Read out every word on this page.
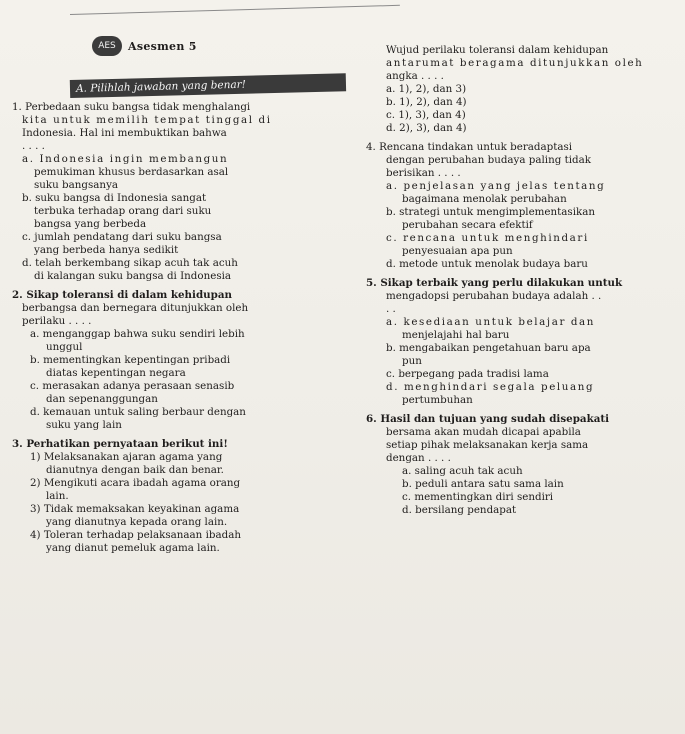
AES	Asesmen 5
A. Pilihlah jawaban yang benar!

1. Perbedaan suku bangsa tidak menghalangi

kita untuk memilih tempat tinggal di

Indonesia. Hal ini membuktikan bahwa

. . . .

a. Indonesia ingin membangun

pemukiman khusus berdasarkan asal

suku bangsanya

b. suku bangsa di Indonesia sangat

terbuka terhadap orang dari suku

bangsa yang berbeda

c. jumlah pendatang dari suku bangsa

yang berbeda hanya sedikit

d. telah berkembang sikap acuh tak acuh

di kalangan suku bangsa di Indonesia

2. Sikap toleransi di dalam kehidupan

berbangsa dan bernegara ditunjukkan oleh

perilaku . . . .

a. menganggap bahwa suku sendiri lebih

unggul

b. mementingkan kepentingan pribadi

diatas kepentingan negara

c. merasakan adanya perasaan senasib

dan sepenanggungan

d. kemauan untuk saling berbaur dengan

suku yang lain

3. Perhatikan pernyataan berikut ini!

1) Melaksanakan ajaran agama yang

dianutnya dengan baik dan benar.

2) Mengikuti acara ibadah agama orang

lain.

3) Tidak memaksakan keyakinan agama

yang dianutnya kepada orang lain.

4) Toleran terhadap pelaksanaan ibadah

yang dianut pemeluk agama lain.

Wujud perilaku toleransi dalam kehidupan

antarumat beragama ditunjukkan oleh

angka . . . .

a. 1), 2), dan 3)

b. 1), 2), dan 4)

c. 1), 3), dan 4)

d. 2), 3), dan 4)

4. Rencana tindakan untuk beradaptasi

dengan perubahan budaya paling tidak

berisikan . . . .

a. penjelasan yang jelas tentang

bagaimana menolak perubahan

b. strategi untuk mengimplementasikan

perubahan secara efektif

c. rencana untuk menghindari

penyesuaian apa pun

d. metode untuk menolak budaya baru

5. Sikap terbaik yang perlu dilakukan untuk

mengadopsi perubahan budaya adalah . .

. .

a. kesediaan untuk belajar dan

menjelajahi hal baru

b. mengabaikan pengetahuan baru apa

pun

c. berpegang pada tradisi lama

d. menghindari segala peluang

pertumbuhan

6. Hasil dan tujuan yang sudah disepakati

bersama akan mudah dicapai apabila

setiap pihak melaksanakan kerja sama

dengan . . . .

a. saling acuh tak acuh

b. peduli antara satu sama lain

c. mementingkan diri sendiri

d. bersilang pendapat
